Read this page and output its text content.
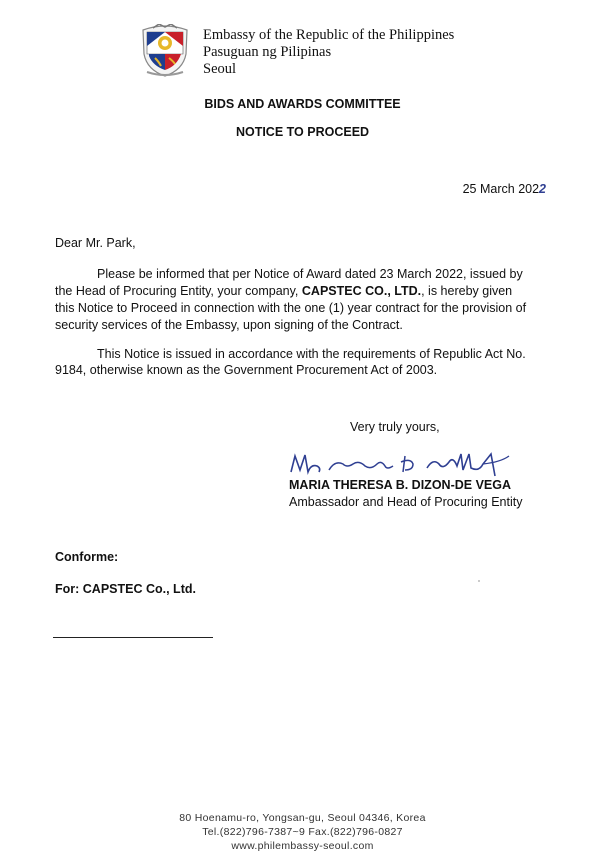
Embassy of the Republic of the Philippines
Pasuguan ng Pilipinas
Seoul
BIDS AND AWARDS COMMITTEE
NOTICE TO PROCEED
25 March 2022
Dear Mr. Park,
Please be informed that per Notice of Award dated 23 March 2022, issued by
the Head of Procuring Entity, your company, CAPSTEC CO., LTD., is hereby given
this Notice to Proceed in connection with the one (1) year contract for the provision of
security services of the Embassy, upon signing of the Contract.
This Notice is issued in accordance with the requirements of Republic Act No.
9184, otherwise known as the Government Procurement Act of 2003.
Very truly yours,
MARIA THERESA B. DIZON-DE VEGA
Ambassador and Head of Procuring Entity
Conforme:
For: CAPSTEC Co., Ltd.
80 Hoenamu-ro, Yongsan-gu, Seoul 04346, Korea
Tel.(822)796-7387~9 Fax.(822)796-0827
www.philembassy-seoul.com
